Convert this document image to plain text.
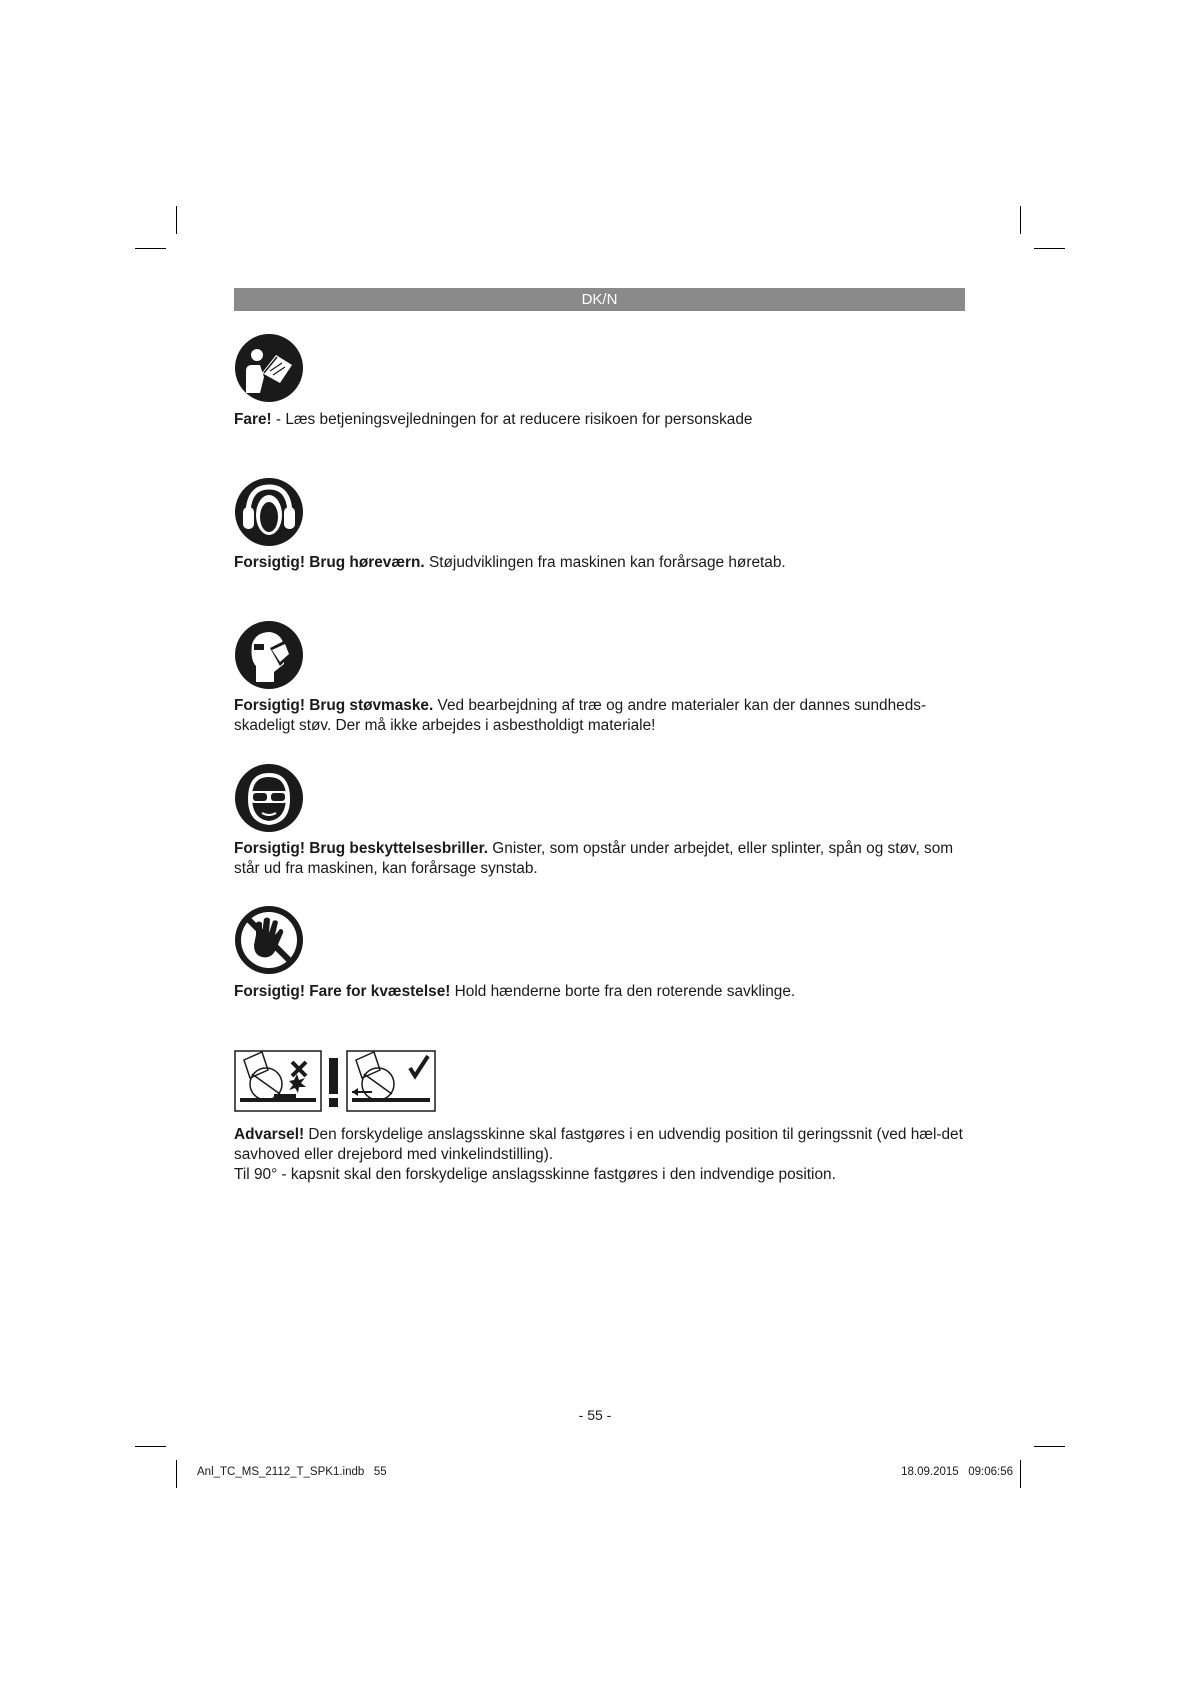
DK/N
Fare! - Læs betjeningsvejledningen for at reducere risikoen for personskade
Forsigtig! Brug høreværn. Støjudviklingen fra maskinen kan forårsage høretab.
Forsigtig! Brug støvmaske. Ved bearbejdning af træ og andre materialer kan der dannes sundheds-skadeligt støv. Der må ikke arbejdes i asbestholdigt materiale!
Forsigtig! Brug beskyttelsesbriller. Gnister, som opstår under arbejdet, eller splinter, spån og støv, som står ud fra maskinen, kan forårsage synstab.
Forsigtig! Fare for kvæstelse! Hold hænderne borte fra den roterende savklinge.
Advarsel! Den forskydelige anslagsskinne skal fastgøres i en udvendig position til geringssnit (ved hæl-det savhoved eller drejebord med vinkelindstilling).
Til 90° - kapsnit skal den forskydelige anslagsskinne fastgøres i den indvendige position.
- 55 -
Anl_TC_MS_2112_T_SPK1.indb   55	18.09.2015   09:06:56
